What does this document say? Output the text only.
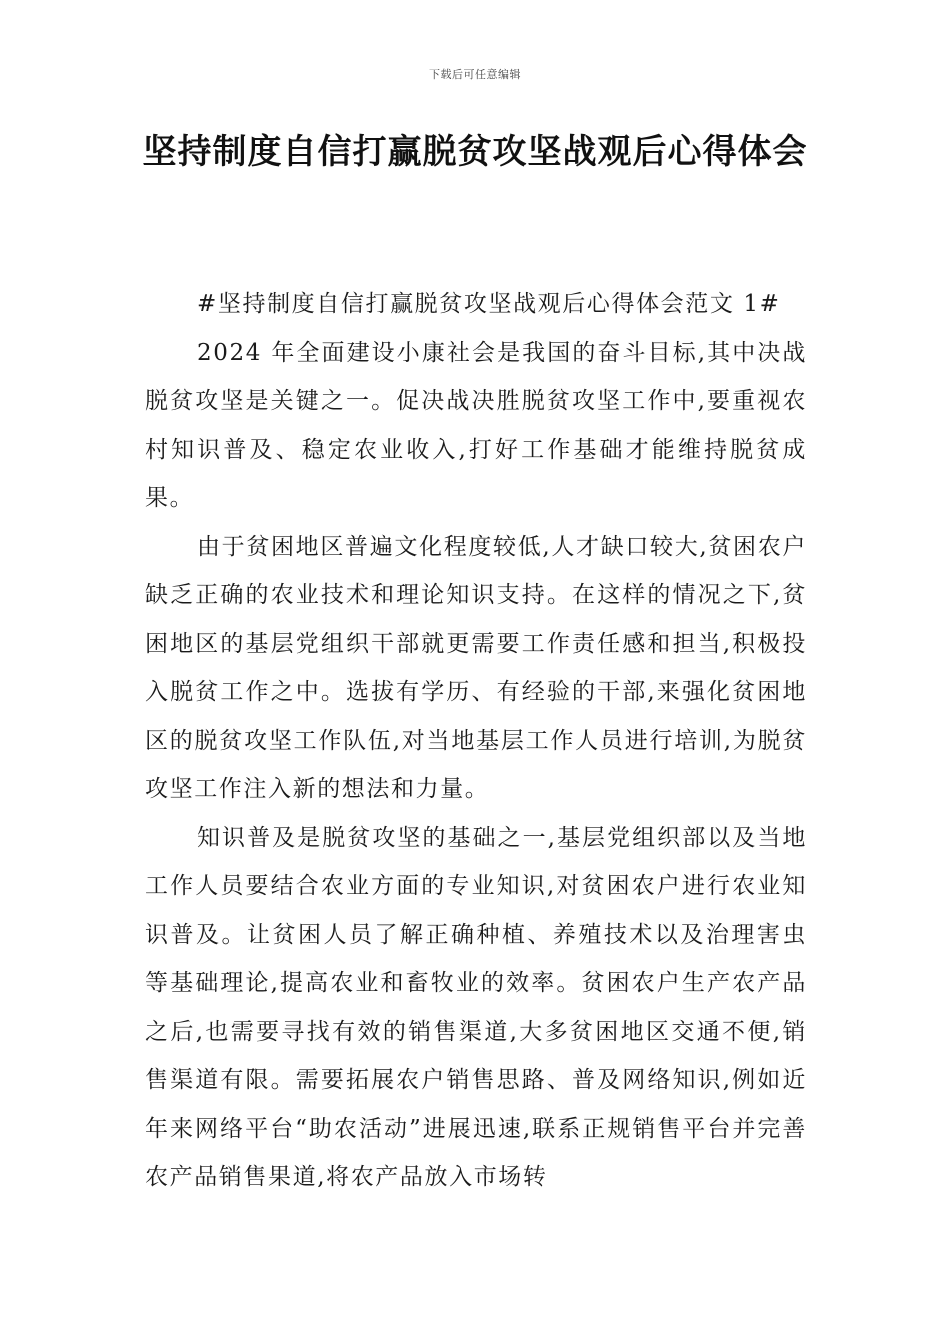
下载后可任意编辑
坚持制度自信打赢脱贫攻坚战观后心得体会

#坚持制度自信打赢脱贫攻坚战观后心得体会范文 1#

2024 年全面建设小康社会是我国的奋斗目标,其中决战脱贫攻坚是关键之一。促决战决胜脱贫攻坚工作中,要重视农村知识普及、稳定农业收入,打好工作基础才能维持脱贫成果。

由于贫困地区普遍文化程度较低,人才缺口较大,贫困农户缺乏正确的农业技术和理论知识支持。在这样的情况之下,贫困地区的基层党组织干部就更需要工作责任感和担当,积极投入脱贫工作之中。选拔有学历、有经验的干部,来强化贫困地区的脱贫攻坚工作队伍,对当地基层工作人员进行培训,为脱贫攻坚工作注入新的想法和力量。

知识普及是脱贫攻坚的基础之一,基层党组织部以及当地工作人员要结合农业方面的专业知识,对贫困农户进行农业知识普及。让贫困人员了解正确种植、养殖技术以及治理害虫等基础理论,提高农业和畜牧业的效率。贫困农户生产农产品之后,也需要寻找有效的销售渠道,大多贫困地区交通不便,销售渠道有限。需要拓展农户销售思路、普及网络知识,例如近年来网络平台“助农活动”进展迅速,联系正规销售平台并完善农产品销售果道,将农产品放入市场转
